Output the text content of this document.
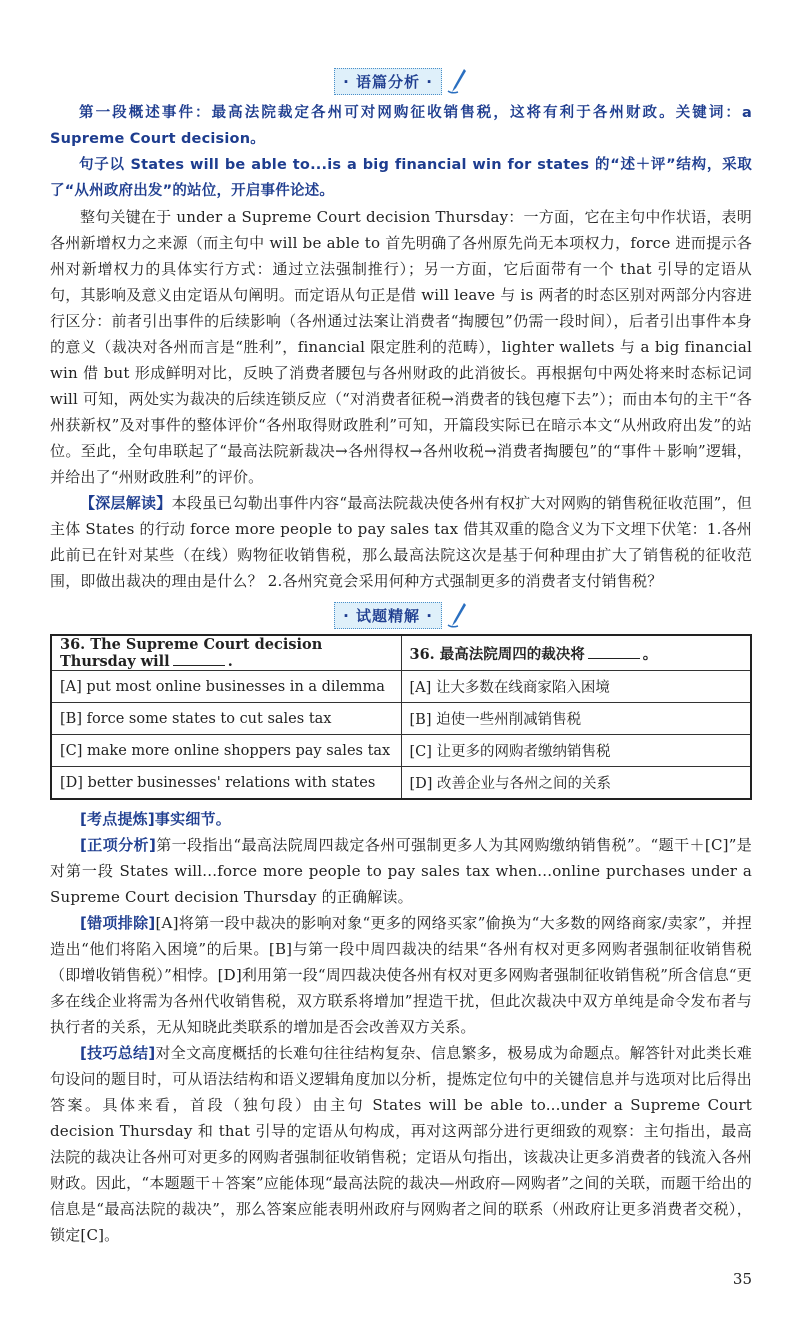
· 语篇分析 ·

第一段概述事件：最高法院裁定各州可对网购征收销售税，这将有利于各州财政。关键词：a Supreme Court decision。

句子以 States will be able to...is a big financial win for states 的“述＋评”结构，采取了“从州政府出发”的站位，开启事件论述。

整句关键在于 under a Supreme Court decision Thursday：一方面，它在主句中作状语，表明各州新增权力之来源（而主句中 will be able to 首先明确了各州原先尚无本项权力，force 进而提示各州对新增权力的具体实行方式：通过立法强制推行）；另一方面，它后面带有一个 that 引导的定语从句，其影响及意义由定语从句阐明。而定语从句正是借 will leave 与 is 两者的时态区别对两部分内容进行区分：前者引出事件的后续影响（各州通过法案让消费者“掏腰包”仍需一段时间），后者引出事件本身的意义（裁决对各州而言是“胜利”，financial 限定胜利的范畴），lighter wallets 与 a big financial win 借 but 形成鲜明对比，反映了消费者腰包与各州财政的此消彼长。再根据句中两处将来时态标记词 will 可知，两处实为裁决的后续连锁反应（“对消费者征税→消费者的钱包瘪下去”）；而由本句的主干“各州获新权”及对事件的整体评价“各州取得财政胜利”可知，开篇段实际已在暗示本文“从州政府出发”的站位。至此，全句串联起了“最高法院新裁决→各州得权→各州收税→消费者掏腰包”的“事件＋影响”逻辑，并给出了“州财政胜利”的评价。

【深层解读】本段虽已勾勒出事件内容“最高法院裁决使各州有权扩大对网购的销售税征收范围”，但主体 States 的行动 force more people to pay sales tax 借其双重的隐含义为下文埋下伏笔：1.各州此前已在针对某些（在线）购物征收销售税，那么最高法院这次是基于何种理由扩大了销售税的征收范围，即做出裁决的理由是什么？ 2.各州究竟会采用何种方式强制更多的消费者支付销售税？

· 试题精解 ·
36. The Supreme Court decision Thursday will .	36. 最高法院周四的裁决将 。
[A] put most online businesses in a dilemma	[A] 让大多数在线商家陷入困境
[B] force some states to cut sales tax	[B] 迫使一些州削减销售税
[C] make more online shoppers pay sales tax	[C] 让更多的网购者缴纳销售税
[D] better businesses' relations with states	[D] 改善企业与各州之间的关系

[考点提炼]事实细节。

[正项分析]第一段指出“最高法院周四裁定各州可强制更多人为其网购缴纳销售税”。“题干＋[C]”是对第一段 States will...force more people to pay sales tax when...online purchases under a Supreme Court decision Thursday 的正确解读。

[错项排除][A]将第一段中裁决的影响对象“更多的网络买家”偷换为“大多数的网络商家/卖家”，并捏造出“他们将陷入困境”的后果。[B]与第一段中周四裁决的结果“各州有权对更多网购者强制征收销售税（即增收销售税）”相悖。[D]利用第一段“周四裁决使各州有权对更多网购者强制征收销售税”所含信息“更多在线企业将需为各州代收销售税，双方联系将增加”捏造干扰，但此次裁决中双方单纯是命令发布者与执行者的关系，无从知晓此类联系的增加是否会改善双方关系。

[技巧总结]对全文高度概括的长难句往往结构复杂、信息繁多，极易成为命题点。解答针对此类长难句设问的题目时，可从语法结构和语义逻辑角度加以分析，提炼定位句中的关键信息并与选项对比后得出答案。具体来看，首段（独句段）由主句 States will be able to...under a Supreme Court decision Thursday 和 that 引导的定语从句构成，再对这两部分进行更细致的观察：主句指出，最高法院的裁决让各州可对更多的网购者强制征收销售税；定语从句指出，该裁决让更多消费者的钱流入各州财政。因此，“本题题干＋答案”应能体现“最高法院的裁决—州政府—网购者”之间的关联，而题干给出的信息是“最高法院的裁决”，那么答案应能表明州政府与网购者之间的联系（州政府让更多消费者交税），锁定[C]。

35
